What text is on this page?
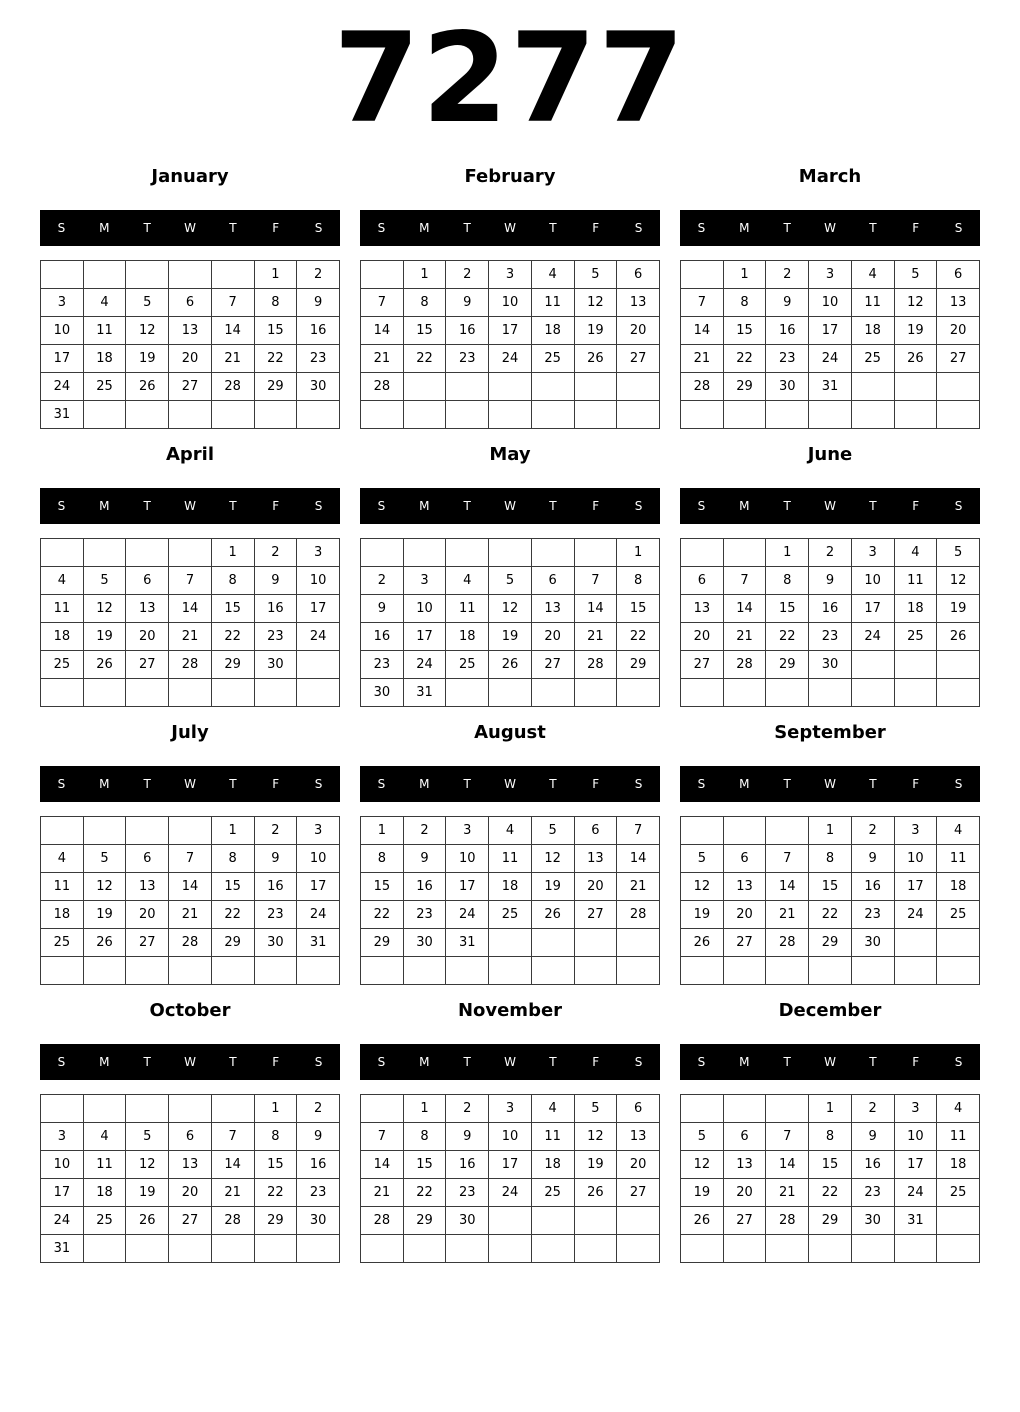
7277
January
S	M	T	W	T	F	S
					1	2
3	4	5	6	7	8	9
10	11	12	13	14	15	16
17	18	19	20	21	22	23
24	25	26	27	28	29	30
31						
February
S	M	T	W	T	F	S
	1	2	3	4	5	6
7	8	9	10	11	12	13
14	15	16	17	18	19	20
21	22	23	24	25	26	27
28						

March
S	M	T	W	T	F	S
	1	2	3	4	5	6
7	8	9	10	11	12	13
14	15	16	17	18	19	20
21	22	23	24	25	26	27
28	29	30	31			

April
S	M	T	W	T	F	S
				1	2	3
4	5	6	7	8	9	10
11	12	13	14	15	16	17
18	19	20	21	22	23	24
25	26	27	28	29	30	

May
S	M	T	W	T	F	S
						1
2	3	4	5	6	7	8
9	10	11	12	13	14	15
16	17	18	19	20	21	22
23	24	25	26	27	28	29
30	31					
June
S	M	T	W	T	F	S
		1	2	3	4	5
6	7	8	9	10	11	12
13	14	15	16	17	18	19
20	21	22	23	24	25	26
27	28	29	30			

July
S	M	T	W	T	F	S
				1	2	3
4	5	6	7	8	9	10
11	12	13	14	15	16	17
18	19	20	21	22	23	24
25	26	27	28	29	30	31

August
S	M	T	W	T	F	S
1	2	3	4	5	6	7
8	9	10	11	12	13	14
15	16	17	18	19	20	21
22	23	24	25	26	27	28
29	30	31				

September
S	M	T	W	T	F	S
			1	2	3	4
5	6	7	8	9	10	11
12	13	14	15	16	17	18
19	20	21	22	23	24	25
26	27	28	29	30		

October
S	M	T	W	T	F	S
					1	2
3	4	5	6	7	8	9
10	11	12	13	14	15	16
17	18	19	20	21	22	23
24	25	26	27	28	29	30
31						
November
S	M	T	W	T	F	S
	1	2	3	4	5	6
7	8	9	10	11	12	13
14	15	16	17	18	19	20
21	22	23	24	25	26	27
28	29	30				

December
S	M	T	W	T	F	S
			1	2	3	4
5	6	7	8	9	10	11
12	13	14	15	16	17	18
19	20	21	22	23	24	25
26	27	28	29	30	31	
